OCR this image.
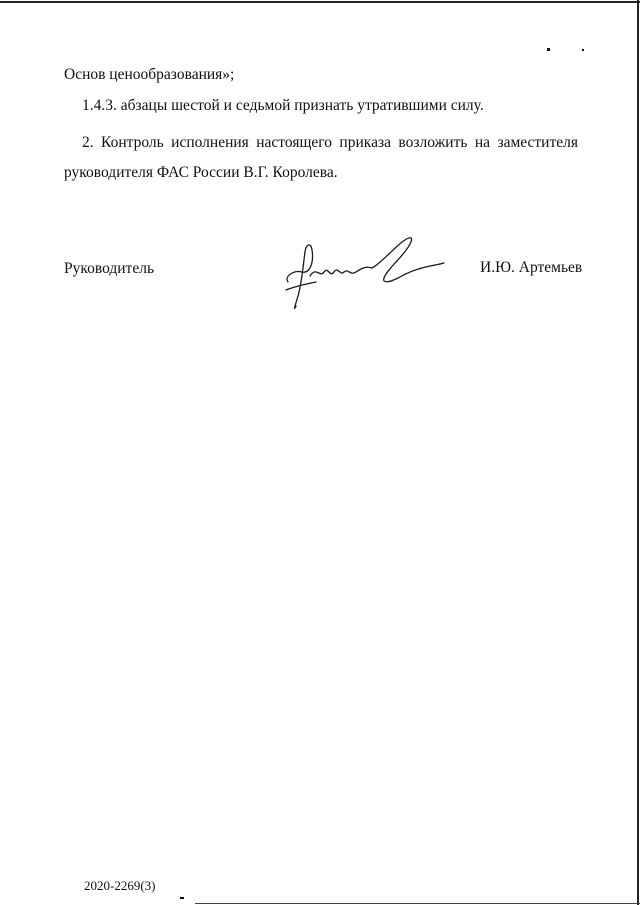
Основ ценообразования»;
1.4.3. абзацы шестой и седьмой признать утратившими силу.
2. Контроль исполнения настоящего приказа возложить на заместителя
руководителя ФАС России В.Г. Королева.
Руководитель	И.Ю. Артемьев
2020-2269(3)
